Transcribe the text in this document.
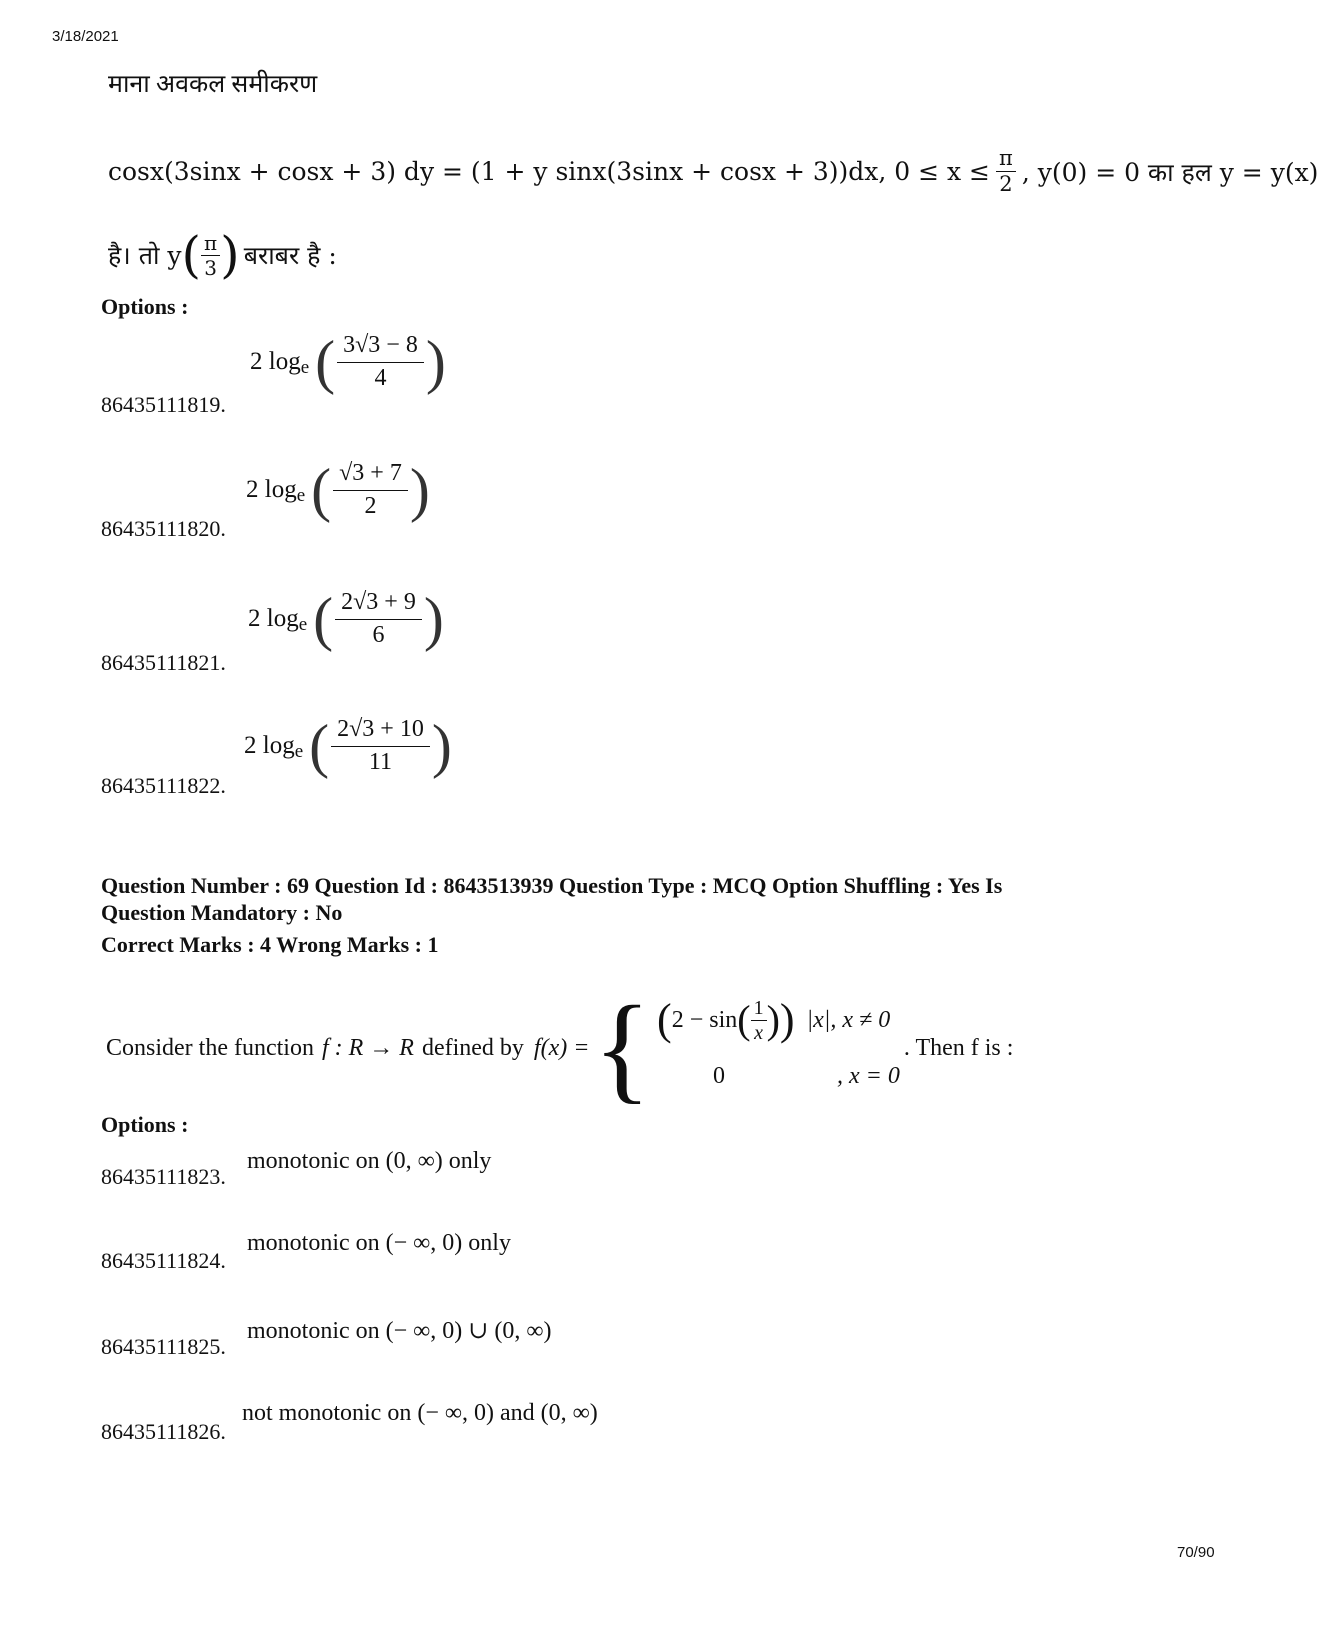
3/18/2021
माना अवकल समीकरण
cosx(3sinx + cosx + 3) dy = (1 + y sinx(3sinx + cosx + 3))dx, $0 \le x \le \frac{\pi}{2}$ , y(0) = 0 का हल y = y(x)
है। तो y ( $\frac{\pi}{3}$ ) बराबर है :
Options :
86435111819.
2 log e ( $\frac{3√3 - 8}{4}$ )
86435111820.
2 log e ( $\frac{√3 + 7}{2}$ )
86435111821.
2 log e ( $\frac{2√3 + 9}{6}$ )
86435111822.
2 log e ( $\frac{2√3 + 10}{11}$ )
Question Number : 69 Question Id : 8643513939 Question Type : MCQ Option Shuffling : Yes Is
Question Mandatory : No
Correct Marks : 4 Wrong Marks : 1
Consider the function f : R → R defined by f(x) = { ( 2 − sin ( $\frac{1}{x}$ ) ) |x|, x ≠ 0
0	, x = 0
. Then f is :
Options :
86435111823.
monotonic on (0, ∞) only
86435111824.
monotonic on (− ∞, 0) only
86435111825.
monotonic on (− ∞, 0) ∪ (0, ∞)
86435111826.
not monotonic on (− ∞, 0) and (0, ∞)
70/90
